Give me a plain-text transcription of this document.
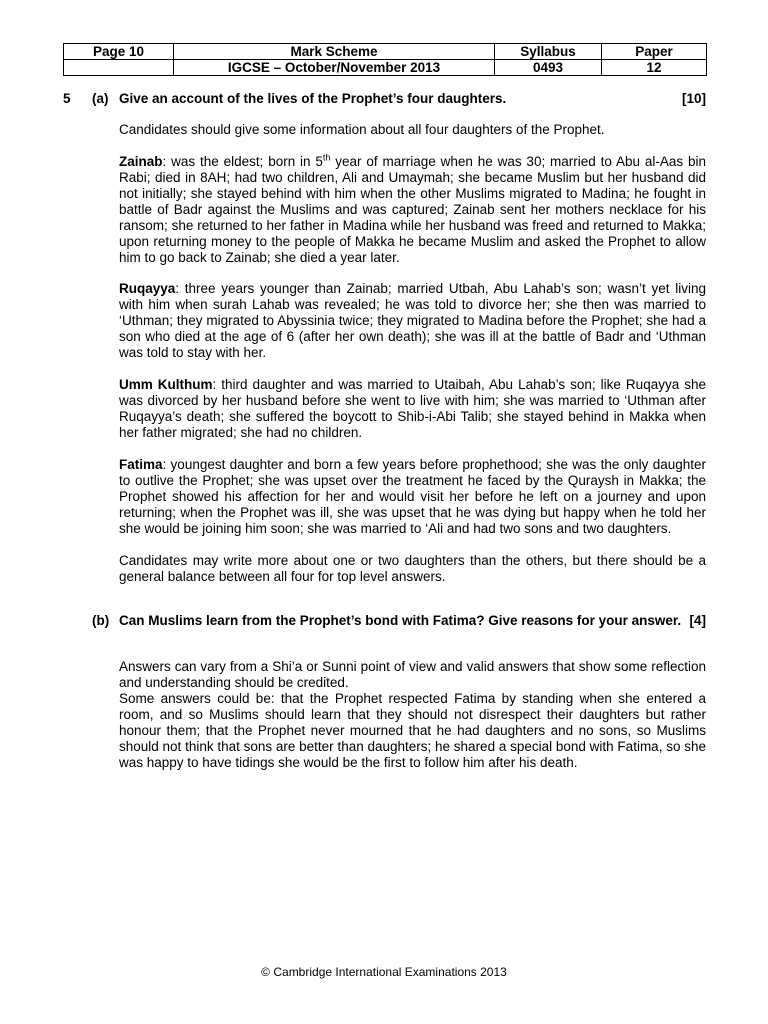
Page 10	Mark Scheme	Syllabus	Paper
	IGCSE – October/November 2013	0493	12
5 (a)	[10]
Give an account of the lives of the Prophet’s four daughters.

Candidates should give some information about all four daughters of the Prophet.

Zainab: was the eldest; born in 5th year of marriage when he was 30; married to Abu al-Aas bin Rabi; died in 8AH; had two children, Ali and Umaymah; she became Muslim but her husband did not initially; she stayed behind with him when the other Muslims migrated to Madina; he fought in battle of Badr against the Muslims and was captured; Zainab sent her mothers necklace for his ransom; she returned to her father in Madina while her husband was freed and returned to Makka; upon returning money to the people of Makka he became Muslim and asked the Prophet to allow him to go back to Zainab; she died a year later.

Ruqayya: three years younger than Zainab; married Utbah, Abu Lahab’s son; wasn’t yet living with him when surah Lahab was revealed; he was told to divorce her; she then was married to ‘Uthman; they migrated to Abyssinia twice; they migrated to Madina before the Prophet; she had a son who died at the age of 6 (after her own death); she was ill at the battle of Badr and ‘Uthman was told to stay with her.

Umm Kulthum: third daughter and was married to Utaibah, Abu Lahab’s son; like Ruqayya she was divorced by her husband before she went to live with him; she was married to ‘Uthman after Ruqayya’s death; she suffered the boycott to Shib-i-Abi Talib; she stayed behind in Makka when her father migrated; she had no children.

Fatima: youngest daughter and born a few years before prophethood; she was the only daughter to outlive the Prophet; she was upset over the treatment he faced by the Quraysh in Makka; the Prophet showed his affection for her and would visit her before he left on a journey and upon returning; when the Prophet was ill, she was upset that he was dying but happy when he told her she would be joining him soon; she was married to ‘Ali and had two sons and two daughters.

Candidates may write more about one or two daughters than the others, but there should be a general balance between all four for top level answers.

(b) Can Muslims learn from the Prophet’s bond with Fatima? Give reasons for your answer. [4]

Answers can vary from a Shi’a or Sunni point of view and valid answers that show some reflection and understanding should be credited.

Some answers could be: that the Prophet respected Fatima by standing when she entered a room, and so Muslims should learn that they should not disrespect their daughters but rather honour them; that the Prophet never mourned that he had daughters and no sons, so Muslims should not think that sons are better than daughters; he shared a special bond with Fatima, so she was happy to have tidings she would be the first to follow him after his death.

© Cambridge International Examinations 2013
